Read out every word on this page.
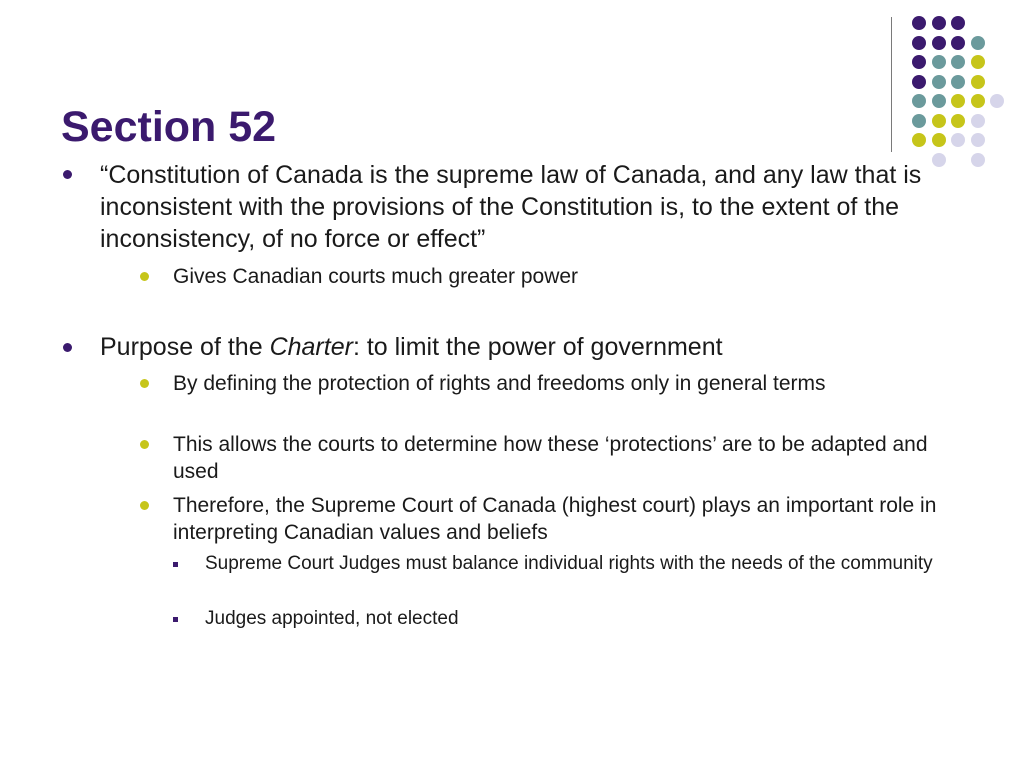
Section 52

“Constitution of Canada is the supreme law of Canada, and any law that is inconsistent with the provisions of the Constitution is, to the extent of the inconsistency, of no force or effect”

Gives Canadian courts much greater power

Purpose of the Charter: to limit the power of government

By defining the protection of rights and freedoms only in general terms

This allows the courts to determine how these ‘protections’ are to be adapted and used

Therefore, the Supreme Court of Canada (highest court) plays an important role in interpreting Canadian values and beliefs

Supreme Court Judges must balance individual rights with the needs of the community

Judges appointed, not elected
